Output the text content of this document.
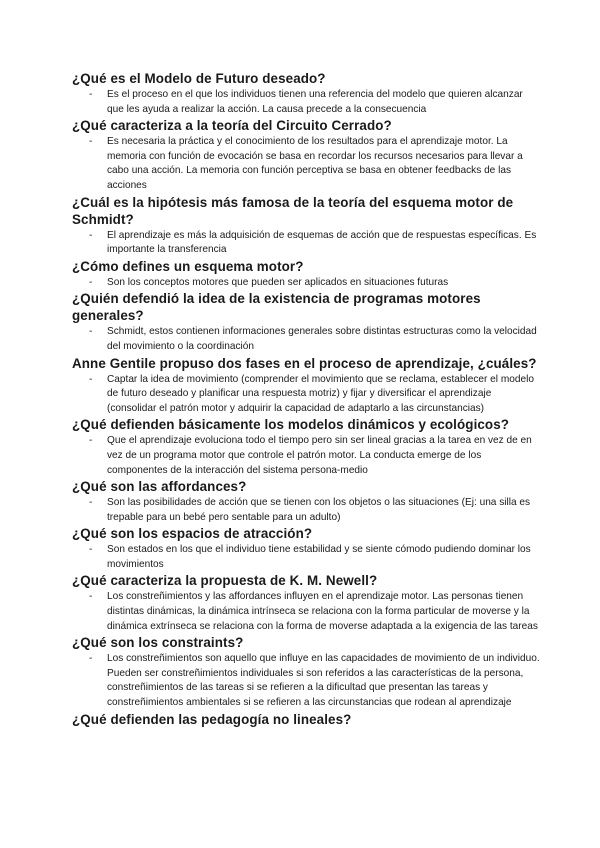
¿Qué es el Modelo de Futuro deseado?

-	Es el proceso en el que los individuos tienen una referencia del modelo que quieren alcanzar que les ayuda a realizar la acción. La causa precede a la consecuencia

¿Qué caracteriza a la teoría del Circuito Cerrado?

-	Es necesaria la práctica y el conocimiento de los resultados para el aprendizaje motor. La memoria con función de evocación se basa en recordar los recursos necesarios para llevar a cabo una acción. La memoria con función perceptiva se basa en obtener feedbacks de las acciones

¿Cuál es la hipótesis más famosa de la teoría del esquema motor de Schmidt?

-	El aprendizaje es más la adquisición de esquemas de acción que de respuestas específicas. Es importante la transferencia

¿Cómo defines un esquema motor?

-	Son los conceptos motores que pueden ser aplicados en situaciones futuras

¿Quién defendió la idea de la existencia de programas motores generales?

-	Schmidt, estos contienen informaciones generales sobre distintas estructuras como la velocidad del movimiento o la coordinación

Anne Gentile propuso dos fases en el proceso de aprendizaje, ¿cuáles?

-	Captar la idea de movimiento (comprender el movimiento que se reclama, establecer el modelo de futuro deseado y planificar una respuesta motriz) y fijar y diversificar el aprendizaje (consolidar el patrón motor y adquirir la capacidad de adaptarlo a las circunstancias)

¿Qué defienden básicamente los modelos dinámicos y ecológicos?

-	Que el aprendizaje evoluciona todo el tiempo pero sin ser lineal gracias a la tarea en vez de en vez de un programa motor que controle el patrón motor. La conducta emerge de los componentes de la interacción del sistema persona-medio

¿Qué son las affordances?

-	Son las posibilidades de acción que se tienen con los objetos o las situaciones (Ej: una silla es trepable para un bebé pero sentable para un adulto)

¿Qué son los espacios de atracción?

-	Son estados en los que el individuo tiene estabilidad y se siente cómodo pudiendo dominar los movimientos

¿Qué caracteriza la propuesta de K. M. Newell?

-	Los constreñimientos y las affordances influyen en el aprendizaje motor. Las personas tienen distintas dinámicas, la dinámica intrínseca se relaciona con la forma particular de moverse y la dinámica extrínseca se relaciona con la forma de moverse adaptada a la exigencia de las tareas

¿Qué son los constraints?

-	Los constreñimientos son aquello que influye en las capacidades de movimiento de un individuo. Pueden ser constreñimientos individuales si son referidos a las características de la persona, constreñimientos de las tareas si se refieren a la dificultad que presentan las tareas y constreñimientos ambientales si se refieren a las circunstancias que rodean al aprendizaje

¿Qué defienden las pedagogía no lineales?
